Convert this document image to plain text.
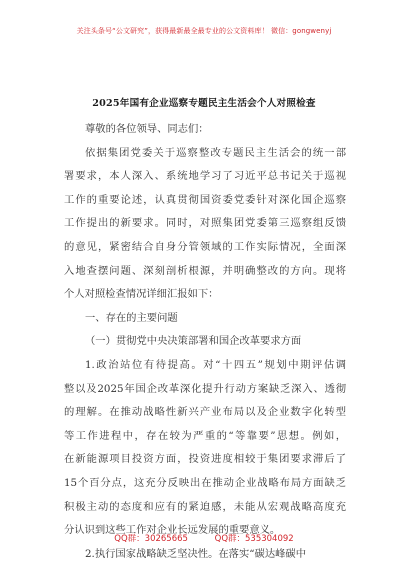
关注头条号“公文研究”，获得最新最全最专业的公文资料库！ 微信：gongwenyj
2025年国有企业巡察专题民主生活会个人对照检查

尊敬的各位领导、同志们：

依据集团党委关于巡察整改专题民主生活会的统一部
署要求，本人深入、系统地学习了习近平总书记关于巡视
工作的重要论述，认真贯彻国资委党委针对深化国企巡察
工作提出的新要求。同时，对照集团党委第三巡察组反馈
的意见，紧密结合自身分管领域的工作实际情况，全面深
入地查摆问题、深刻剖析根源，并明确整改的方向。现将
个人对照检查情况详细汇报如下：
一、存在的主要问题
（一）贯彻党中央决策部署和国企改革要求方面
1.政治站位有待提高。对“十四五”规划中期评估调
整以及2025年国企改革深化提升行动方案缺乏深入、透彻
的理解。在推动战略性新兴产业布局以及企业数字化转型
等工作进程中，存在较为严重的“等靠要”思想。例如，
在新能源项目投资方面，投资进度相较于集团要求滞后了
15个百分点，这充分反映出在推动企业战略布局方面缺乏
积极主动的态度和应有的紧迫感，未能从宏观战略高度充
分认识到这些工作对企业长远发展的重要意义。
2.执行国家战略缺乏坚决性。在落实“碳达峰碳中
QQ群：30265665	QQ群：535304092
